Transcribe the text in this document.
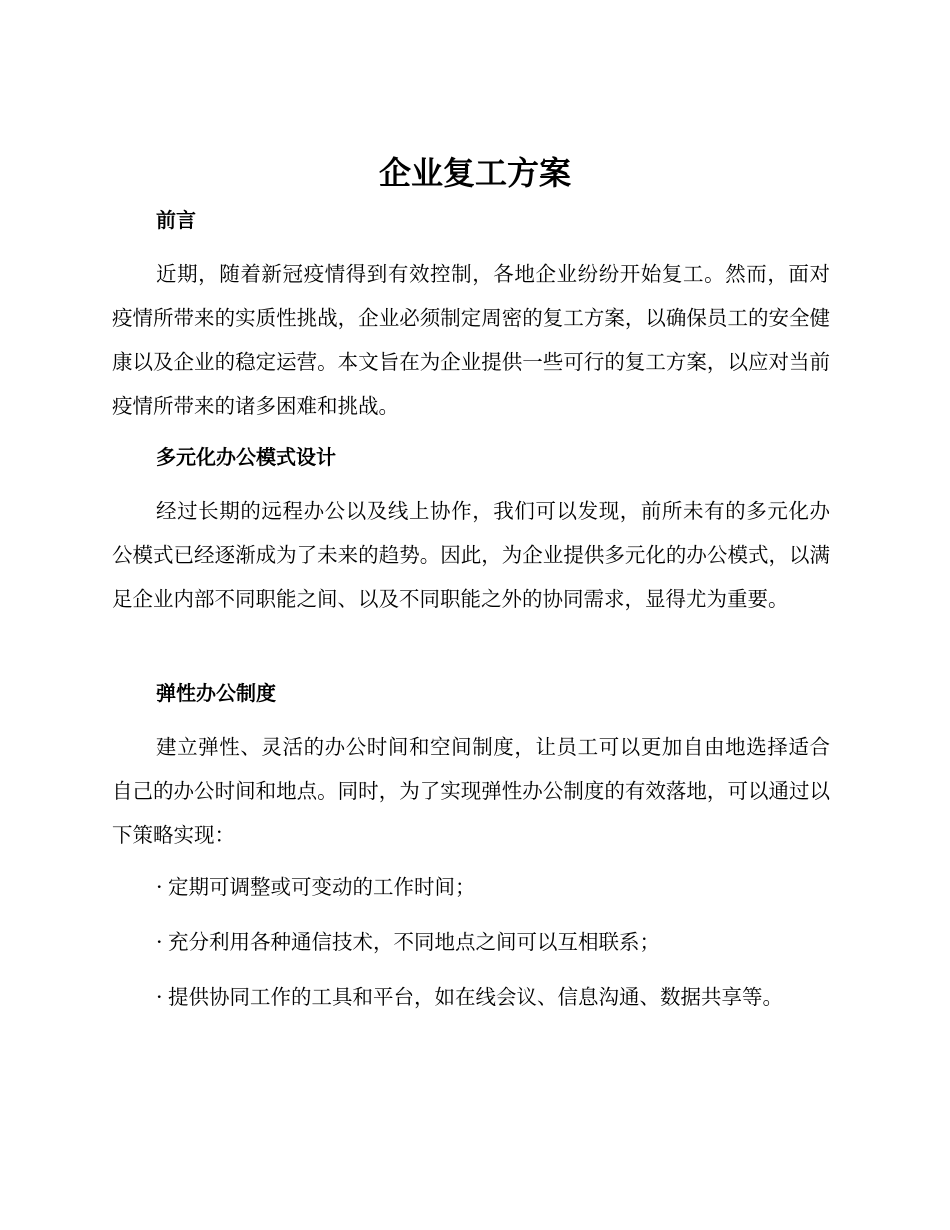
企业复工方案
前言

近期，随着新冠疫情得到有效控制，各地企业纷纷开始复工。然而，面对疫情所带来的实质性挑战，企业必须制定周密的复工方案，以确保员工的安全健康以及企业的稳定运营。本文旨在为企业提供一些可行的复工方案，以应对当前疫情所带来的诸多困难和挑战。

多元化办公模式设计

经过长期的远程办公以及线上协作，我们可以发现，前所未有的多元化办公模式已经逐渐成为了未来的趋势。因此，为企业提供多元化的办公模式，以满足企业内部不同职能之间、以及不同职能之外的协同需求，显得尤为重要。

弹性办公制度

建立弹性、灵活的办公时间和空间制度，让员工可以更加自由地选择适合自己的办公时间和地点。同时，为了实现弹性办公制度的有效落地，可以通过以下策略实现：

· 定期可调整或可变动的工作时间；

· 充分利用各种通信技术，不同地点之间可以互相联系；

· 提供协同工作的工具和平台，如在线会议、信息沟通、数据共享等。
